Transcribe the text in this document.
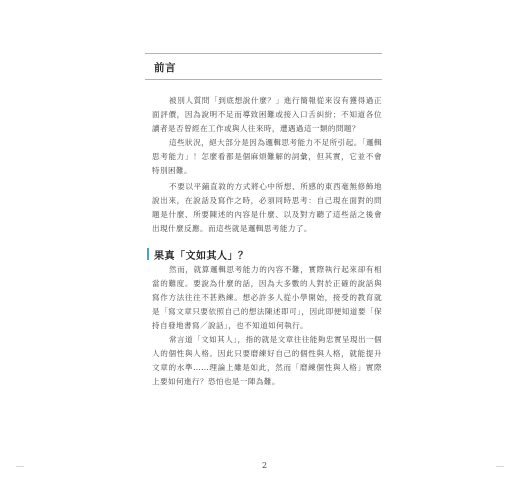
前言

被別人質問「到底想說什麼？」進行簡報從來沒有獲得過正面評價，因為說明不足而導致困難或接入口舌糾紛；不知道各位讀者是否曾經在工作或與人往來時，遭遇過這一類的問題？

這些狀況，絕大部分是因為邏輯思考能力不足所引起。「邏輯思考能力」！怎麼看都是個麻煩難解的詞彙，但其實，它並不會特別困難。

不要以平鋪直敘的方式將心中所想、所感的東西毫無修飾地說出來，在說話及寫作之時，必須同時思考：自己現在面對的問題是什麼、所要陳述的內容是什麼、以及對方聽了這些話之後會出現什麼反應。而這些就是邏輯思考能力了。

果真「文如其人」？

然而，就算邏輯思考能力的內容不難，實際執行起來卻有相當的難度。要說為什麼的話，因為大多數的人對於正確的說話與寫作方法往往不甚熟練。想必許多人從小學開始，接受的教育就是「寫文章只要依照自己的想法陳述即可」，因此即便知道要「保持自發地書寫／說話」，也不知道如何執行。

常言道「文如其人」，指的就是文章往往能夠忠實呈現出一個人的個性與人格。因此只要磨練好自己的個性與人格，就能提升文章的水準……理論上雖是如此，然而「磨練個性與人格」實際上要如何進行？恐怕也是一陣為難。

2
